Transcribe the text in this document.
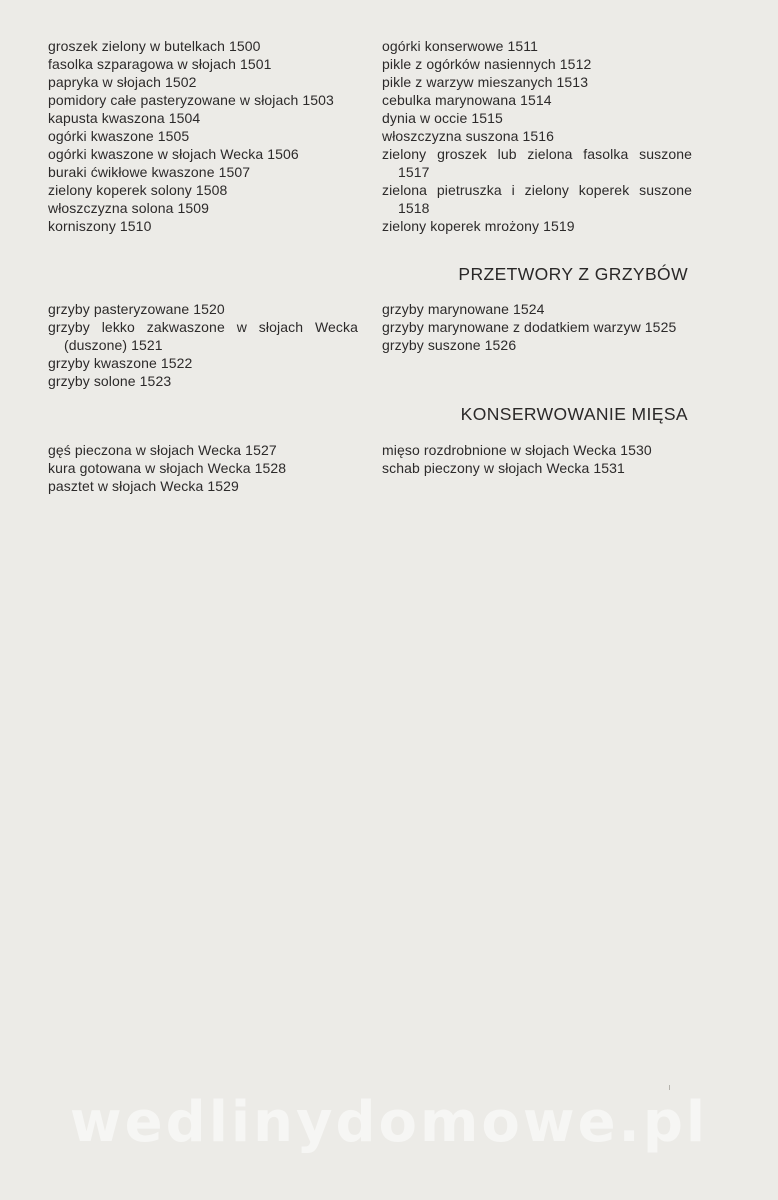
groszek zielony w butelkach 1500
fasolka szparagowa w słojach 1501
papryka w słojach 1502
pomidory całe pasteryzowane w słojach 1503
kapusta kwaszona 1504
ogórki kwaszone 1505
ogórki kwaszone w słojach Wecka 1506
buraki ćwikłowe kwaszone 1507
zielony koperek solony 1508
włoszczyzna solona 1509
korniszony 1510
ogórki konserwowe 1511
pikle z ogórków nasiennych 1512
pikle z warzyw mieszanych 1513
cebulka marynowana 1514
dynia w occie 1515
włoszczyzna suszona 1516
zielony groszek lub zielona fasolka suszone 1517
zielona pietruszka i zielony koperek suszone 1518
zielony koperek mrożony 1519
PRZETWORY Z GRZYBÓW
grzyby pasteryzowane 1520
grzyby lekko zakwaszone w słojach Wecka (duszone) 1521
grzyby kwaszone 1522
grzyby solone 1523
grzyby marynowane 1524
grzyby marynowane z dodatkiem warzyw 1525
grzyby suszone 1526
KONSERWOWANIE MIĘSA
gęś pieczona w słojach Wecka 1527
kura gotowana w słojach Wecka 1528
pasztet w słojach Wecka 1529
mięso rozdrobnione w słojach Wecka 1530
schab pieczony w słojach Wecka 1531
wedlinydomowe.pl
